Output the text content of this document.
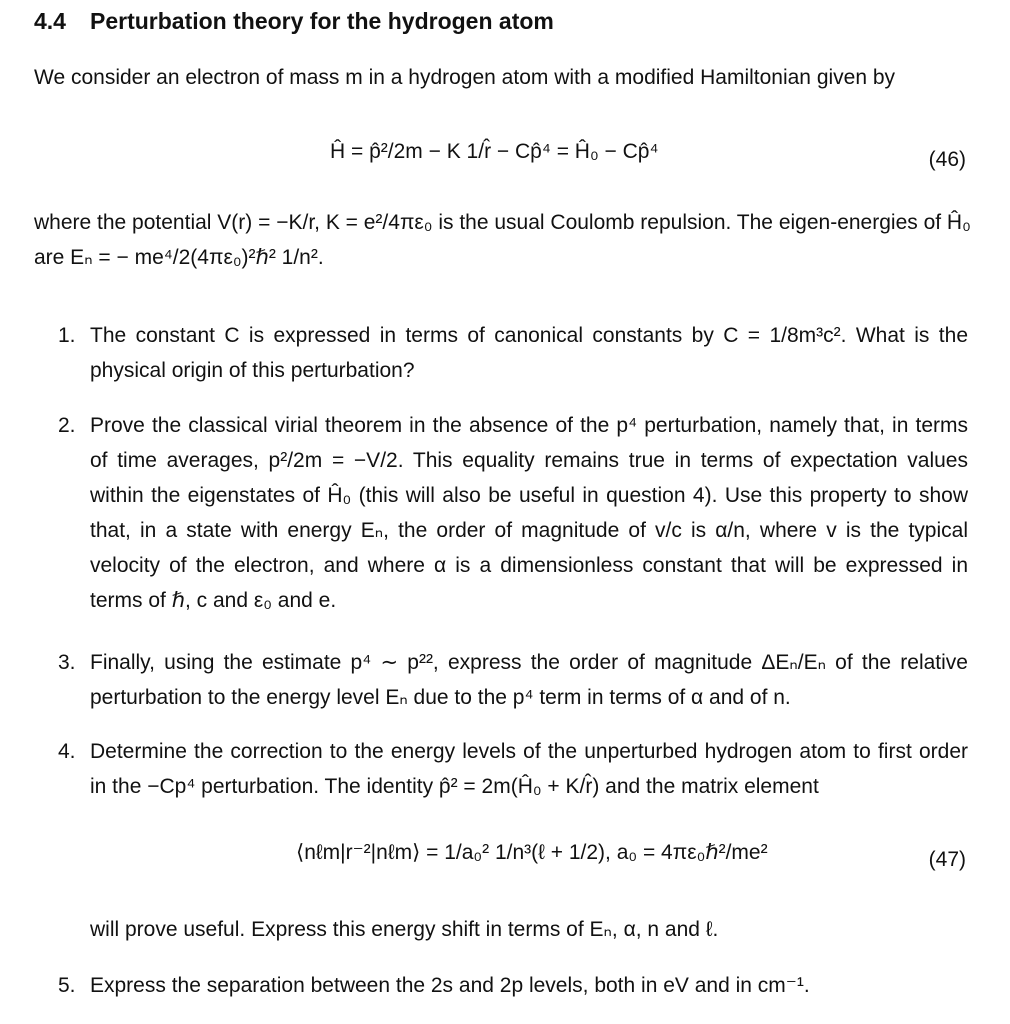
4.4 Perturbation theory for the hydrogen atom
We consider an electron of mass m in a hydrogen atom with a modified Hamiltonian given by
Ĥ = p̂²/2m − K 1/r̂ − Cp̂⁴ = Ĥ₀ − Cp̂⁴	(46)
where the potential V(r) = −K/r, K = e²/4πε₀ is the usual Coulomb repulsion. The eigen-energies of Ĥ₀ are Eₙ = − me⁴/2(4πε₀)²ℏ² 1/n².
1. The constant C is expressed in terms of canonical constants by C = 1/8m³c². What is the physical origin of this perturbation?
2. Prove the classical virial theorem in the absence of the p⁴ perturbation, namely that, in terms of time averages, p²/2m = −V/2. This equality remains true in terms of expectation values within the eigenstates of Ĥ₀ (this will also be useful in question 4). Use this property to show that, in a state with energy Eₙ, the order of magnitude of v/c is α/n, where v is the typical velocity of the electron, and where α is a dimensionless constant that will be expressed in terms of ℏ, c and ε₀ and e.
3. Finally, using the estimate p⁴ ∼ p²², express the order of magnitude ΔEₙ/Eₙ of the relative perturbation to the energy level Eₙ due to the p⁴ term in terms of α and of n.
4. Determine the correction to the energy levels of the unperturbed hydrogen atom to first order in the −Cp⁴ perturbation. The identity p̂² = 2m(Ĥ₀ + K/r̂) and the matrix element
⟨nℓm|r⁻²|nℓm⟩ = 1/a₀² 1/n³(ℓ + 1/2), a₀ = 4πε₀ℏ²/me²	(47)
will prove useful. Express this energy shift in terms of Eₙ, α, n and ℓ.
5. Express the separation between the 2s and 2p levels, both in eV and in cm⁻¹.
